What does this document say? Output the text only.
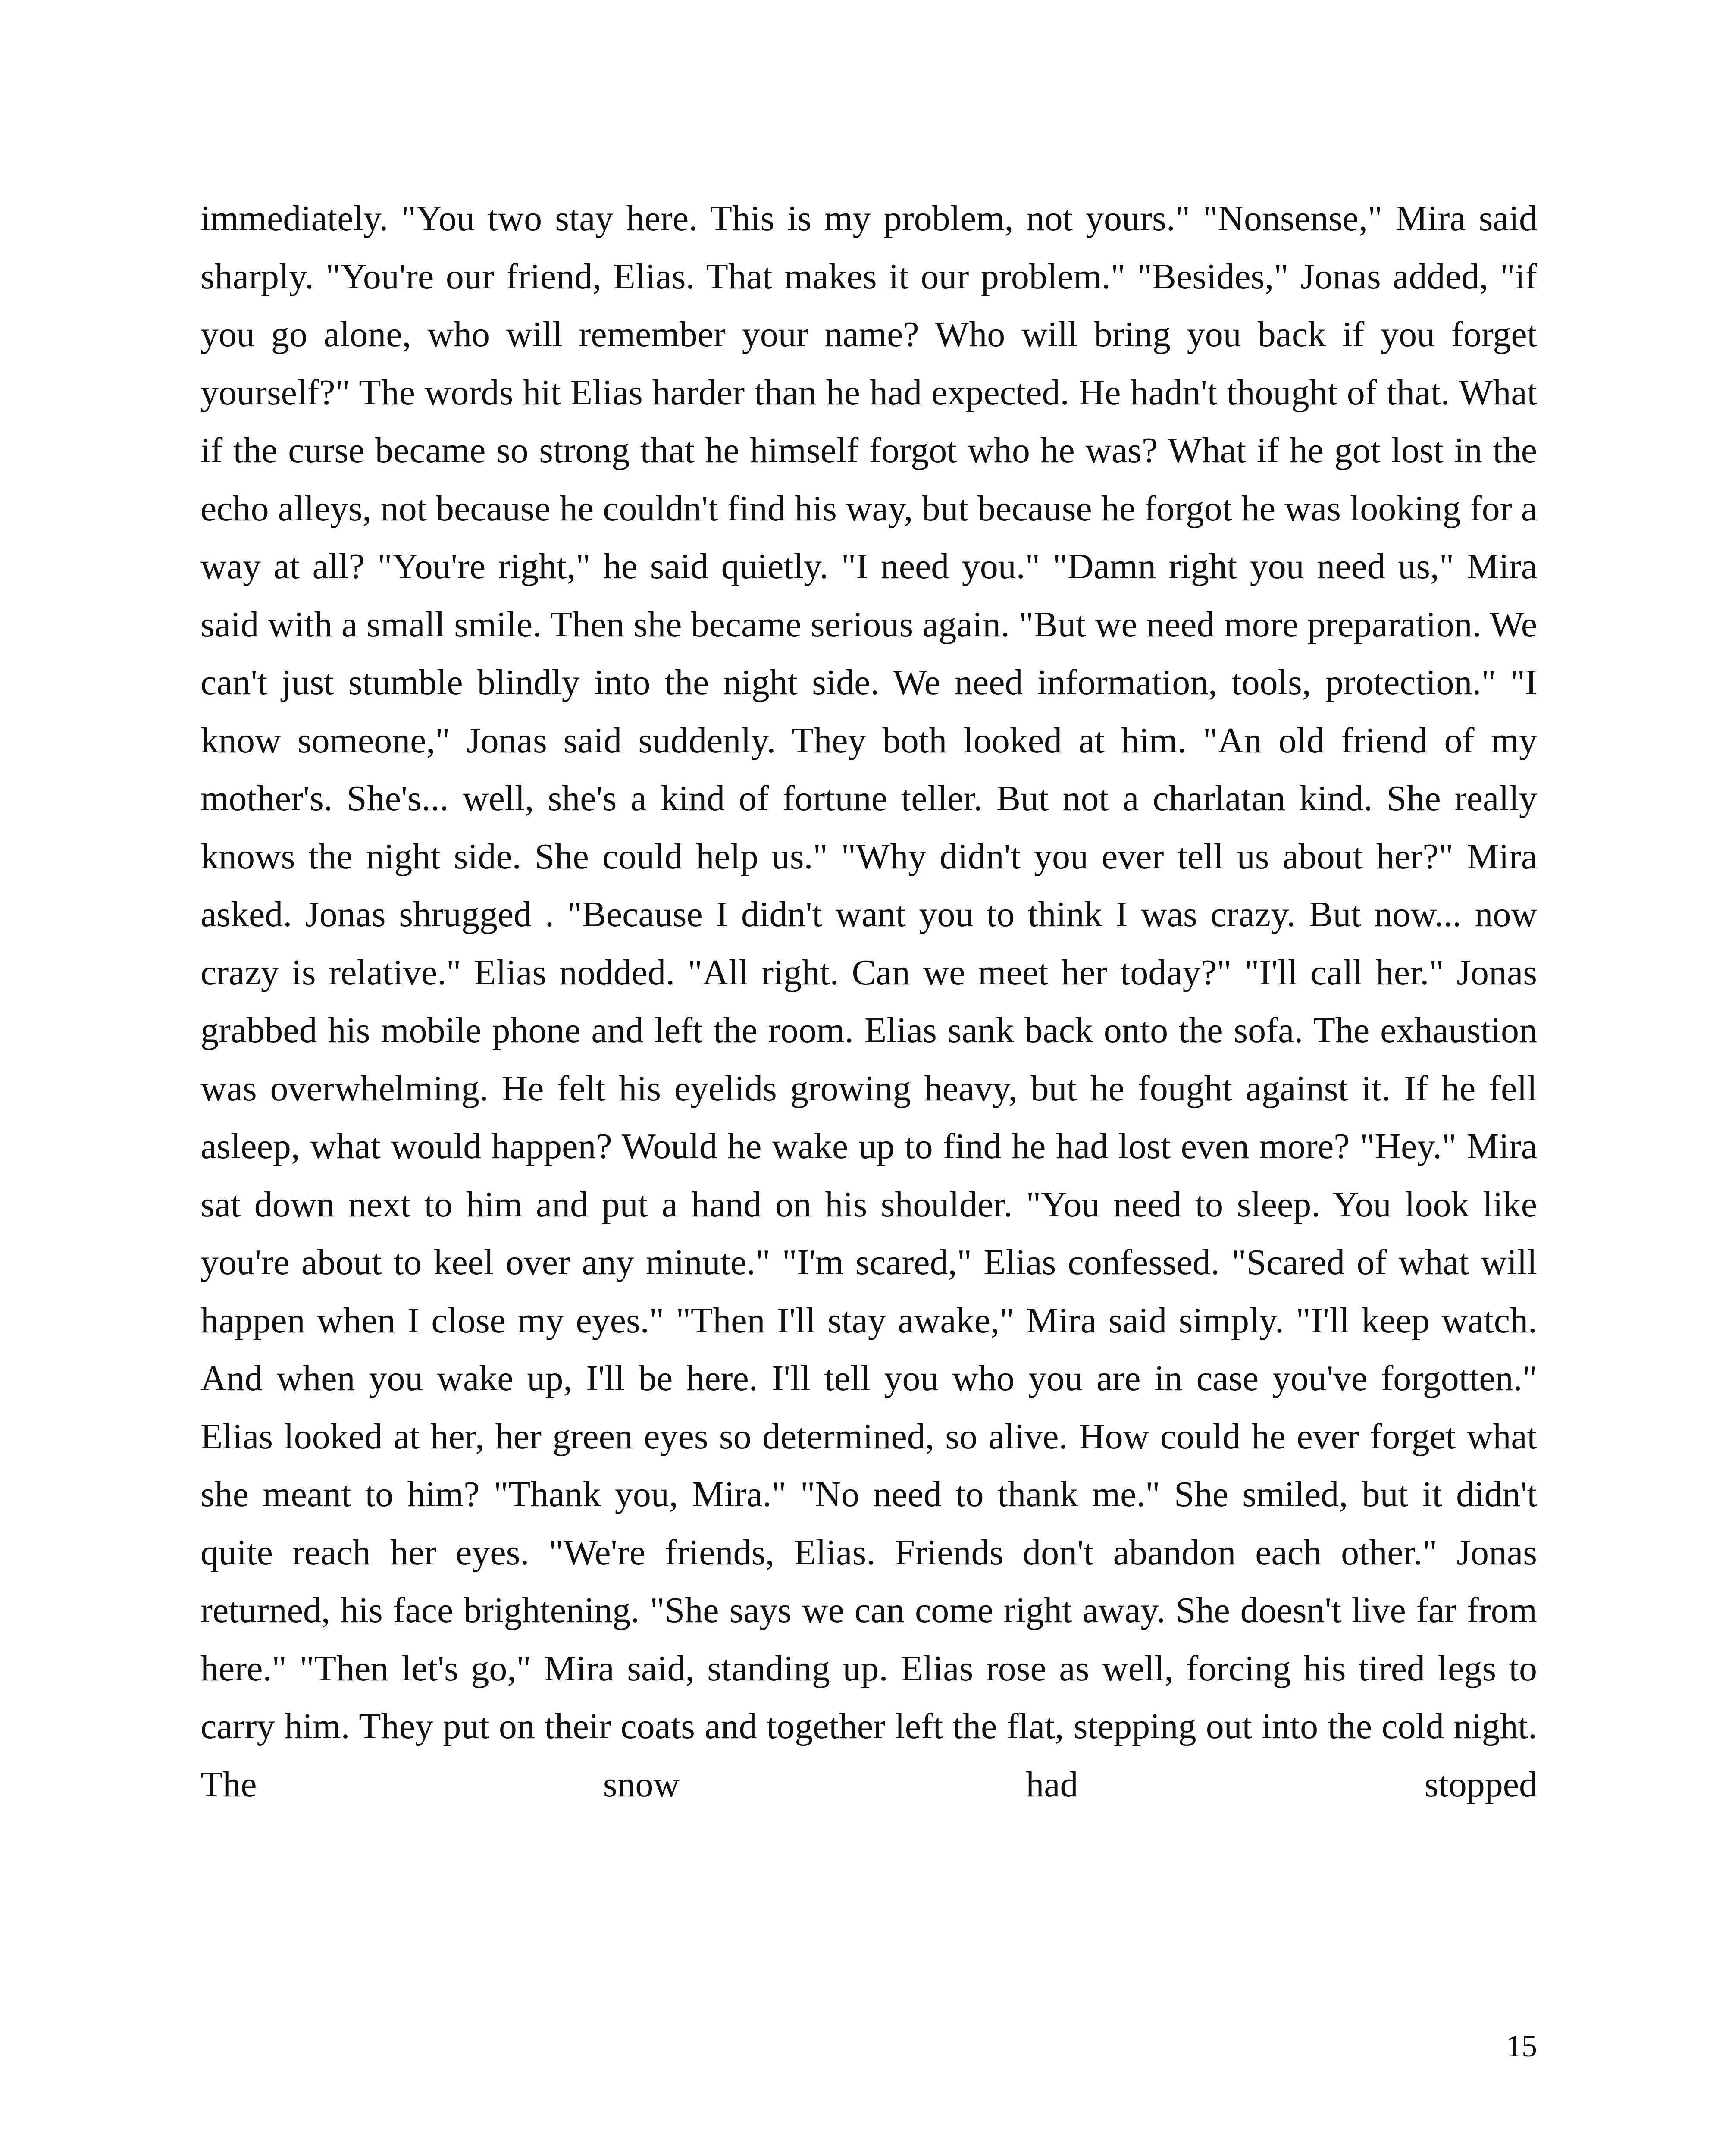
immediately. "You two stay here. This is my problem, not yours." "Nonsense," Mira said sharply. "You're our friend, Elias. That makes it our problem." "Besides," Jonas added, "if you go alone, who will remember your name? Who will bring you back if you forget yourself?" The words hit Elias harder than he had expected. He hadn't thought of that. What if the curse became so strong that he himself forgot who he was? What if he got lost in the echo alleys, not because he couldn't find his way, but because he forgot he was looking for a way at all? "You're right," he said quietly. "I need you." "Damn right you need us," Mira said with a small smile. Then she became serious again. "But we need more preparation. We can't just stumble blindly into the night side. We need information, tools, protection." "I know someone," Jonas said suddenly. They both looked at him. "An old friend of my mother's. She's... well, she's a kind of fortune teller. But not a charlatan kind. She really knows the night side. She could help us." "Why didn't you ever tell us about her?" Mira asked. Jonas shrugged . "Because I didn't want you to think I was crazy. But now... now crazy is relative." Elias nodded. "All right. Can we meet her today?" "I'll call her." Jonas grabbed his mobile phone and left the room. Elias sank back onto the sofa. The exhaustion was overwhelming. He felt his eyelids growing heavy, but he fought against it. If he fell asleep, what would happen? Would he wake up to find he had lost even more? "Hey." Mira sat down next to him and put a hand on his shoulder. "You need to sleep. You look like you're about to keel over any minute." "I'm scared," Elias confessed. "Scared of what will happen when I close my eyes." "Then I'll stay awake," Mira said simply. "I'll keep watch. And when you wake up, I'll be here. I'll tell you who you are in case you've forgotten." Elias looked at her, her green eyes so determined, so alive. How could he ever forget what she meant to him? "Thank you, Mira." "No need to thank me." She smiled, but it didn't quite reach her eyes. "We're friends, Elias. Friends don't abandon each other." Jonas returned, his face brightening. "She says we can come right away. She doesn't live far from here." "Then let's go," Mira said, standing up. Elias rose as well, forcing his tired legs to carry him. They put on their coats and together left the flat, stepping out into the cold night. The snow had stopped

15
